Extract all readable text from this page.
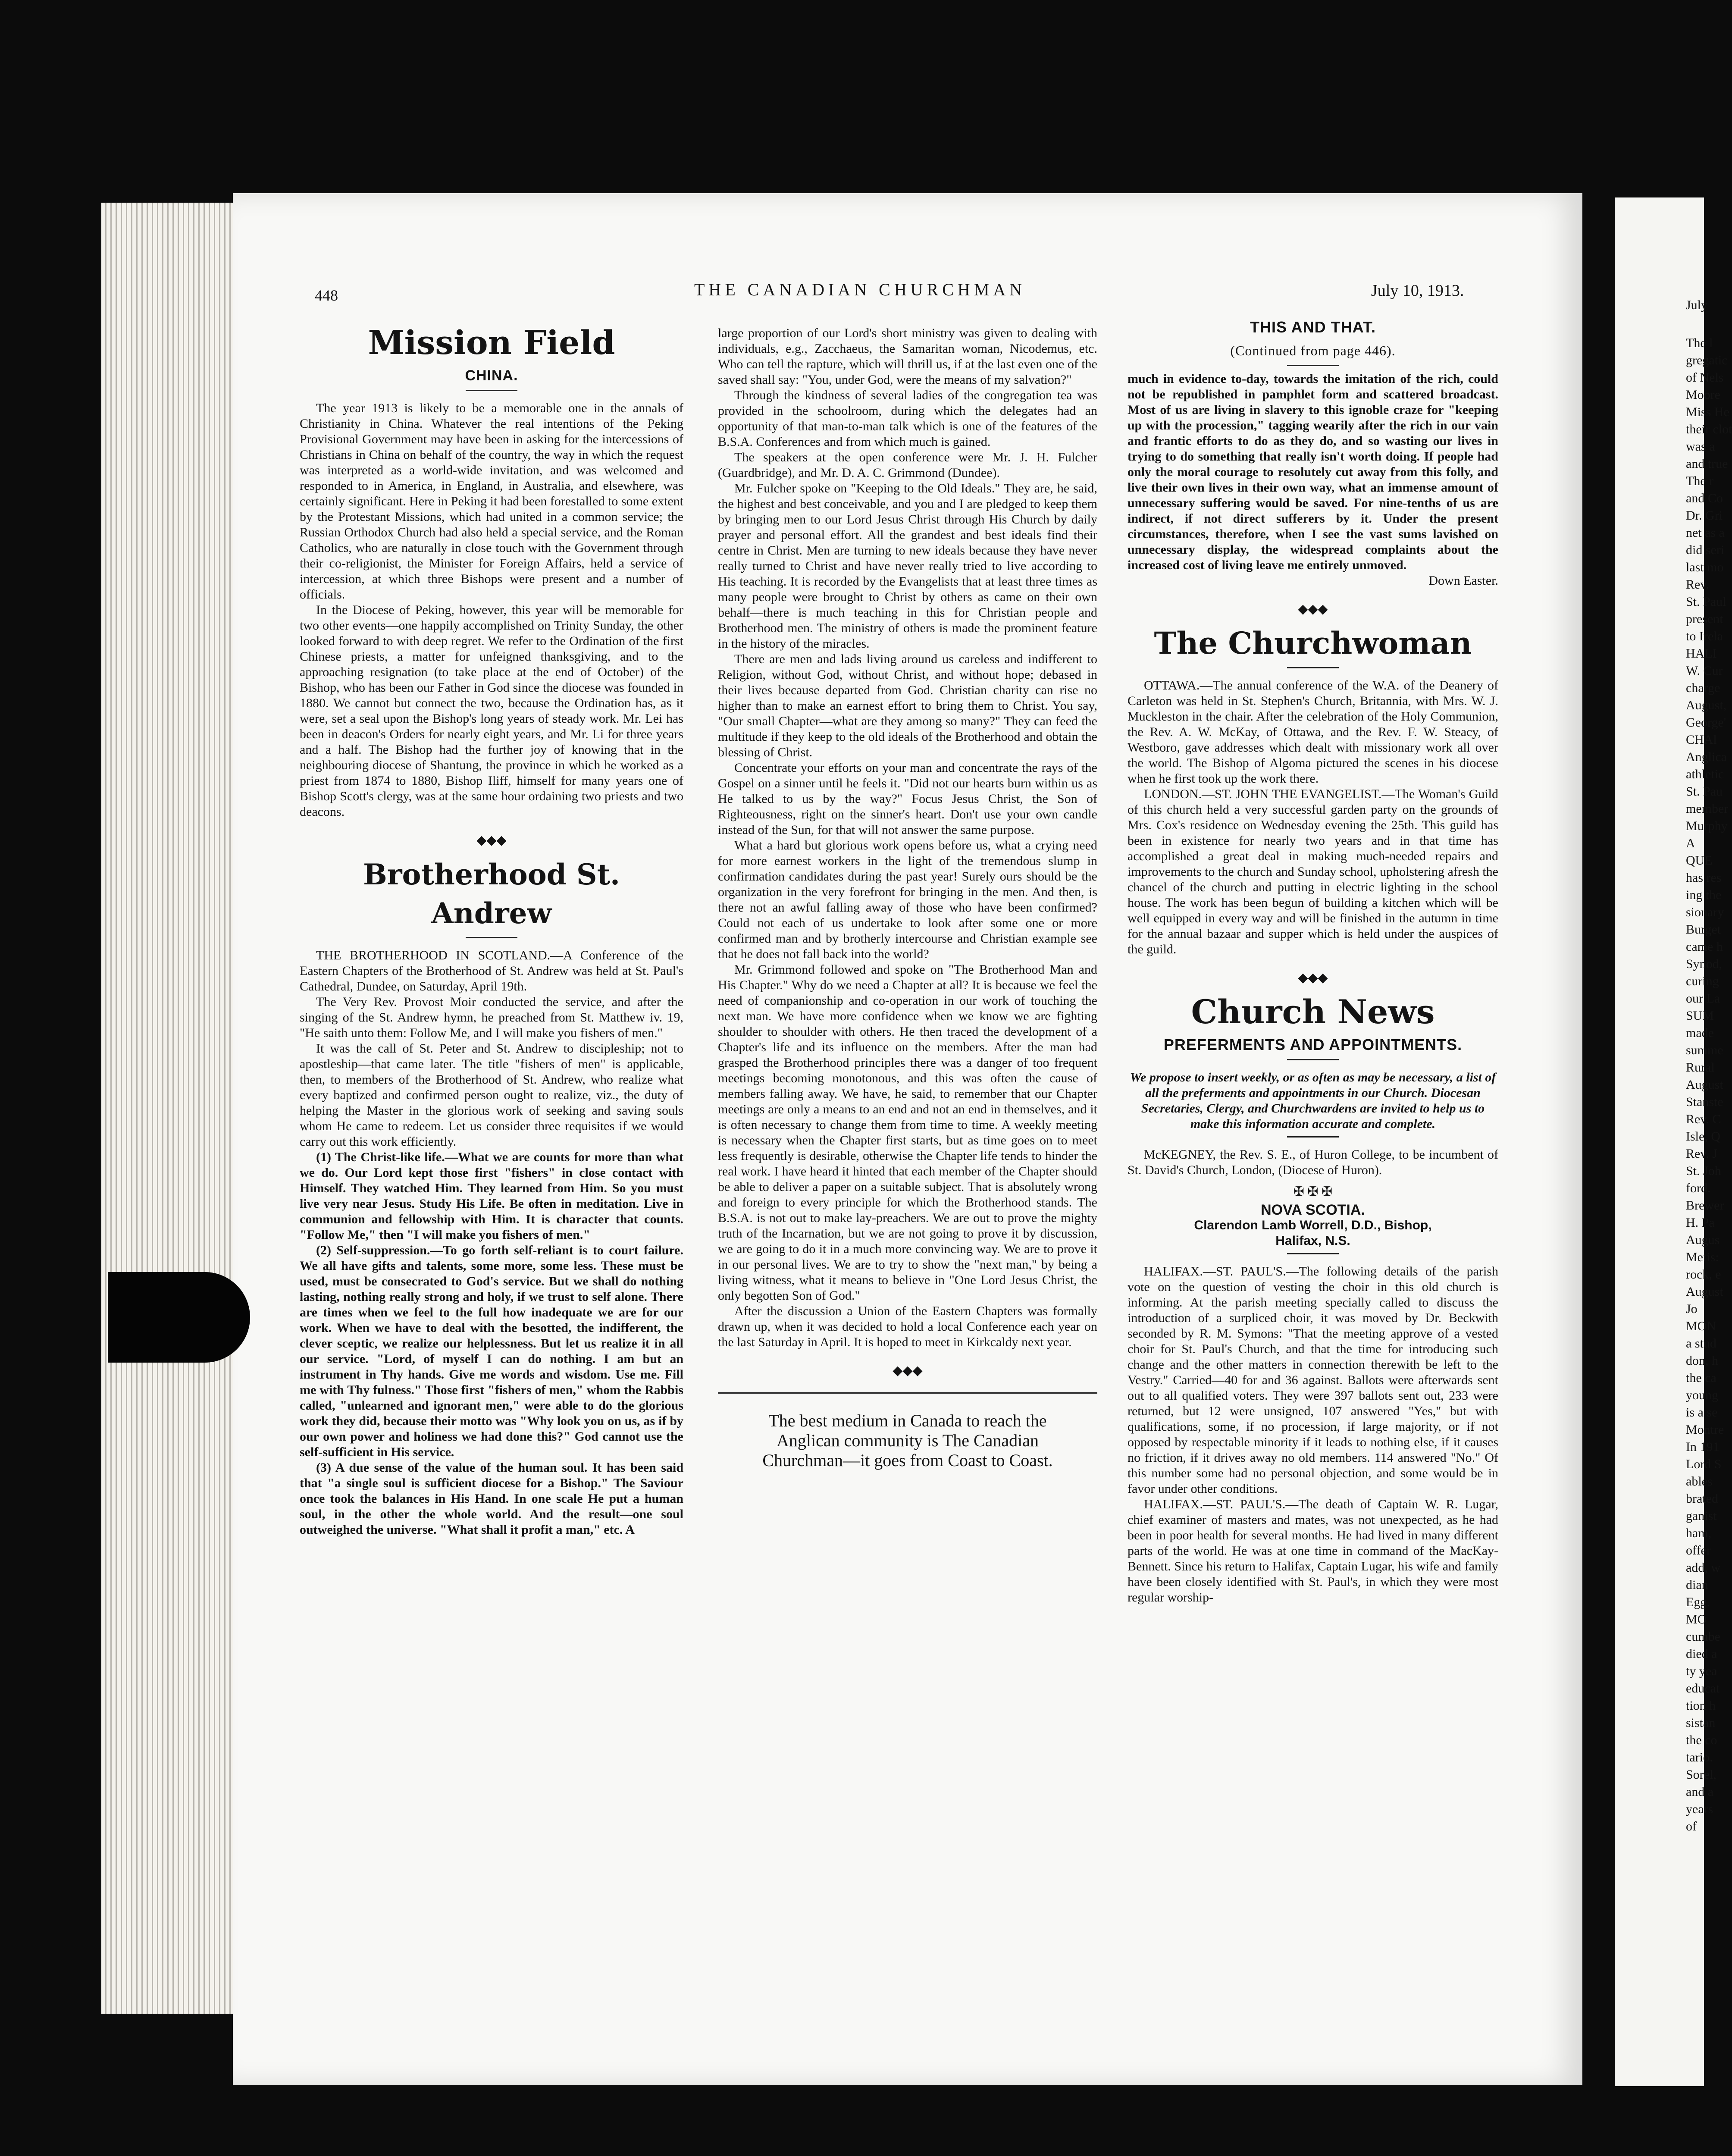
448	THE CANADIAN CHURCHMAN	July 10, 1913.
Mission Field
CHINA.

The year 1913 is likely to be a memorable one in the annals of Christianity in China. Whatever the real intentions of the Peking Provisional Government may have been in asking for the intercessions of Christians in China on behalf of the country, the way in which the request was interpreted as a world-wide invitation, and was welcomed and responded to in America, in England, in Australia, and elsewhere, was certainly significant. Here in Peking it had been forestalled to some extent by the Protestant Missions, which had united in a common service; the Russian Orthodox Church had also held a special service, and the Roman Catholics, who are naturally in close touch with the Government through their co-religionist, the Minister for Foreign Affairs, held a service of intercession, at which three Bishops were present and a number of officials.

In the Diocese of Peking, however, this year will be memorable for two other events—one happily accomplished on Trinity Sunday, the other looked forward to with deep regret. We refer to the Ordination of the first Chinese priests, a matter for unfeigned thanksgiving, and to the approaching resignation (to take place at the end of October) of the Bishop, who has been our Father in God since the diocese was founded in 1880. We cannot but connect the two, because the Ordination has, as it were, set a seal upon the Bishop's long years of steady work. Mr. Lei has been in deacon's Orders for nearly eight years, and Mr. Li for three years and a half. The Bishop had the further joy of knowing that in the neighbouring diocese of Shantung, the province in which he worked as a priest from 1874 to 1880, Bishop Iliff, himself for many years one of Bishop Scott's clergy, was at the same hour ordaining two priests and two deacons.

◆◆◆
Brotherhood St. Andrew

THE BROTHERHOOD IN SCOTLAND.—A Conference of the Eastern Chapters of the Brotherhood of St. Andrew was held at St. Paul's Cathedral, Dundee, on Saturday, April 19th.

The Very Rev. Provost Moir conducted the service, and after the singing of the St. Andrew hymn, he preached from St. Matthew iv. 19, "He saith unto them: Follow Me, and I will make you fishers of men."

It was the call of St. Peter and St. Andrew to discipleship; not to apostleship—that came later. The title "fishers of men" is applicable, then, to members of the Brotherhood of St. Andrew, who realize what every baptized and confirmed person ought to realize, viz., the duty of helping the Master in the glorious work of seeking and saving souls whom He came to redeem. Let us consider three requisites if we would carry out this work efficiently.

(1) The Christ-like life.—What we are counts for more than what we do. Our Lord kept those first "fishers" in close contact with Himself. They watched Him. They learned from Him. So you must live very near Jesus. Study His Life. Be often in meditation. Live in communion and fellowship with Him. It is character that counts. "Follow Me," then "I will make you fishers of men."

(2) Self-suppression.—To go forth self-reliant is to court failure. We all have gifts and talents, some more, some less. These must be used, must be consecrated to God's service. But we shall do nothing lasting, nothing really strong and holy, if we trust to self alone. There are times when we feel to the full how inadequate we are for our work. When we have to deal with the besotted, the indifferent, the clever sceptic, we realize our helplessness. But let us realize it in all our service. "Lord, of myself I can do nothing. I am but an instrument in Thy hands. Give me words and wisdom. Use me. Fill me with Thy fulness." Those first "fishers of men," whom the Rabbis called, "unlearned and ignorant men," were able to do the glorious work they did, because their motto was "Why look you on us, as if by our own power and holiness we had done this?" God cannot use the self-sufficient in His service.

(3) A due sense of the value of the human soul. It has been said that "a single soul is sufficient diocese for a Bishop." The Saviour once took the balances in His Hand. In one scale He put a human soul, in the other the whole world. And the result—one soul outweighed the universe. "What shall it profit a man," etc. A

large proportion of our Lord's short ministry was given to dealing with individuals, e.g., Zacchaeus, the Samaritan woman, Nicodemus, etc. Who can tell the rapture, which will thrill us, if at the last even one of the saved shall say: "You, under God, were the means of my salvation?"

Through the kindness of several ladies of the congregation tea was provided in the schoolroom, during which the delegates had an opportunity of that man-to-man talk which is one of the features of the B.S.A. Conferences and from which much is gained.

The speakers at the open conference were Mr. J. H. Fulcher (Guardbridge), and Mr. D. A. C. Grimmond (Dundee).

Mr. Fulcher spoke on "Keeping to the Old Ideals." They are, he said, the highest and best conceivable, and you and I are pledged to keep them by bringing men to our Lord Jesus Christ through His Church by daily prayer and personal effort. All the grandest and best ideals find their centre in Christ. Men are turning to new ideals because they have never really turned to Christ and have never really tried to live according to His teaching. It is recorded by the Evangelists that at least three times as many people were brought to Christ by others as came on their own behalf—there is much teaching in this for Christian people and Brotherhood men. The ministry of others is made the prominent feature in the history of the miracles.

There are men and lads living around us careless and indifferent to Religion, without God, without Christ, and without hope; debased in their lives because departed from God. Christian charity can rise no higher than to make an earnest effort to bring them to Christ. You say, "Our small Chapter—what are they among so many?" They can feed the multitude if they keep to the old ideals of the Brotherhood and obtain the blessing of Christ.

Concentrate your efforts on your man and concentrate the rays of the Gospel on a sinner until he feels it. "Did not our hearts burn within us as He talked to us by the way?" Focus Jesus Christ, the Son of Righteousness, right on the sinner's heart. Don't use your own candle instead of the Sun, for that will not answer the same purpose.

What a hard but glorious work opens before us, what a crying need for more earnest workers in the light of the tremendous slump in confirmation candidates during the past year! Surely ours should be the organization in the very forefront for bringing in the men. And then, is there not an awful falling away of those who have been confirmed? Could not each of us undertake to look after some one or more confirmed man and by brotherly intercourse and Christian example see that he does not fall back into the world?

Mr. Grimmond followed and spoke on "The Brotherhood Man and His Chapter." Why do we need a Chapter at all? It is because we feel the need of companionship and co-operation in our work of touching the next man. We have more confidence when we know we are fighting shoulder to shoulder with others. He then traced the development of a Chapter's life and its influence on the members. After the man had grasped the Brotherhood principles there was a danger of too frequent meetings becoming monotonous, and this was often the cause of members falling away. We have, he said, to remember that our Chapter meetings are only a means to an end and not an end in themselves, and it is often necessary to change them from time to time. A weekly meeting is necessary when the Chapter first starts, but as time goes on to meet less frequently is desirable, otherwise the Chapter life tends to hinder the real work. I have heard it hinted that each member of the Chapter should be able to deliver a paper on a suitable subject. That is absolutely wrong and foreign to every principle for which the Brotherhood stands. The B.S.A. is not out to make lay-preachers. We are out to prove the mighty truth of the Incarnation, but we are not going to prove it by discussion, we are going to do it in a much more convincing way. We are to prove it in our personal lives. We are to try to show the "next man," by being a living witness, what it means to believe in "One Lord Jesus Christ, the only begotten Son of God."

After the discussion a Union of the Eastern Chapters was formally drawn up, when it was decided to hold a local Conference each year on the last Saturday in April. It is hoped to meet in Kirkcaldy next year.

◆◆◆
The best medium in Canada to reach the Anglican community is The Canadian Churchman—it goes from Coast to Coast.
THIS AND THAT.
(Continued from page 446).

much in evidence to-day, towards the imitation of the rich, could not be republished in pamphlet form and scattered broadcast. Most of us are living in slavery to this ignoble craze for "keeping up with the procession," tagging wearily after the rich in our vain and frantic efforts to do as they do, and so wasting our lives in trying to do something that really isn't worth doing. If people had only the moral courage to resolutely cut away from this folly, and live their own lives in their own way, what an immense amount of unnecessary suffering would be saved. For nine-tenths of us are indirect, if not direct sufferers by it. Under the present circumstances, therefore, when I see the vast sums lavished on unnecessary display, the widespread complaints about the increased cost of living leave me entirely unmoved.

Down Easter.

◆◆◆
The Churchwoman

OTTAWA.—The annual conference of the W.A. of the Deanery of Carleton was held in St. Stephen's Church, Britannia, with Mrs. W. J. Muckleston in the chair. After the celebration of the Holy Communion, the Rev. A. W. McKay, of Ottawa, and the Rev. F. W. Steacy, of Westboro, gave addresses which dealt with missionary work all over the world. The Bishop of Algoma pictured the scenes in his diocese when he first took up the work there.

LONDON.—ST. JOHN THE EVANGELIST.—The Woman's Guild of this church held a very successful garden party on the grounds of Mrs. Cox's residence on Wednesday evening the 25th. This guild has been in existence for nearly two years and in that time has accomplished a great deal in making much-needed repairs and improvements to the church and Sunday school, upholstering afresh the chancel of the church and putting in electric lighting in the school house. The work has been begun of building a kitchen which will be well equipped in every way and will be finished in the autumn in time for the annual bazaar and supper which is held under the auspices of the guild.

◆◆◆
Church News
PREFERMENTS AND APPOINTMENTS.

We propose to insert weekly, or as often as may be necessary, a list of all the preferments and appointments in our Church. Diocesan Secretaries, Clergy, and Churchwardens are invited to help us to make this information accurate and complete.

McKEGNEY, the Rev. S. E., of Huron College, to be incumbent of St. David's Church, London, (Diocese of Huron).

✠ ✠ ✠

NOVA SCOTIA.

Clarendon Lamb Worrell, D.D., Bishop,

Halifax, N.S.

HALIFAX.—ST. PAUL'S.—The following details of the parish vote on the question of vesting the choir in this old church is informing. At the parish meeting specially called to discuss the introduction of a surpliced choir, it was moved by Dr. Beckwith seconded by R. M. Symons: "That the meeting approve of a vested choir for St. Paul's Church, and that the time for introducing such change and the other matters in connection therewith be left to the Vestry." Carried—40 for and 36 against. Ballots were afterwards sent out to all qualified voters. They were 397 ballots sent out, 233 were returned, but 12 were unsigned, 107 answered "Yes," but with qualifications, some, if no procession, if large majority, or if not opposed by respectable minority if it leads to nothing else, if it causes no friction, if it drives away no old members. 114 answered "No." Of this number some had no personal objection, and some would be in favor under other conditions.

HALIFAX.—ST. PAUL'S.—The death of Captain W. R. Lugar, chief examiner of masters and mates, was not unexpected, as he had been in poor health for several months. He had lived in many different parts of the world. He was at one time in command of the MacKay-Bennett. Since his return to Halifax, Captain Lugar, his wife and family have been closely identified with St. Paul's, in which they were most regular worship-

July
The l
gregatic
of Nels
Moore
Miss He
their clot
was a
and true
The r
and Co
Dr. Gri
net as a
did seri
last mo
Rev.
St. Paul
present
to Irela
HALI
W. Cur
charge
August,
George'
CHAl
Anglica
athletic
St. Pau
member
Murphy
A
QUE
has res
ing the
sionary
Burget
came h
Synod,
curing
our La
SUM
made
summe
Rural
August
Stanste
Rev. C
Isle, Q
Rev. J
St. Joh
ford.
Brewer
H. Pa
Augus
Metis:
rock, e
August
Jo
MON
a stud
don, h
the ca
young
is a se
Montre
In 191
Lord S
ables
brated
ganist
ham,
offer
add, w
dian
Egg.
MO
cumbe
died a
ty yea
educat
tion h
sistan
the co
tario.
Sorel,
and a
years
of
